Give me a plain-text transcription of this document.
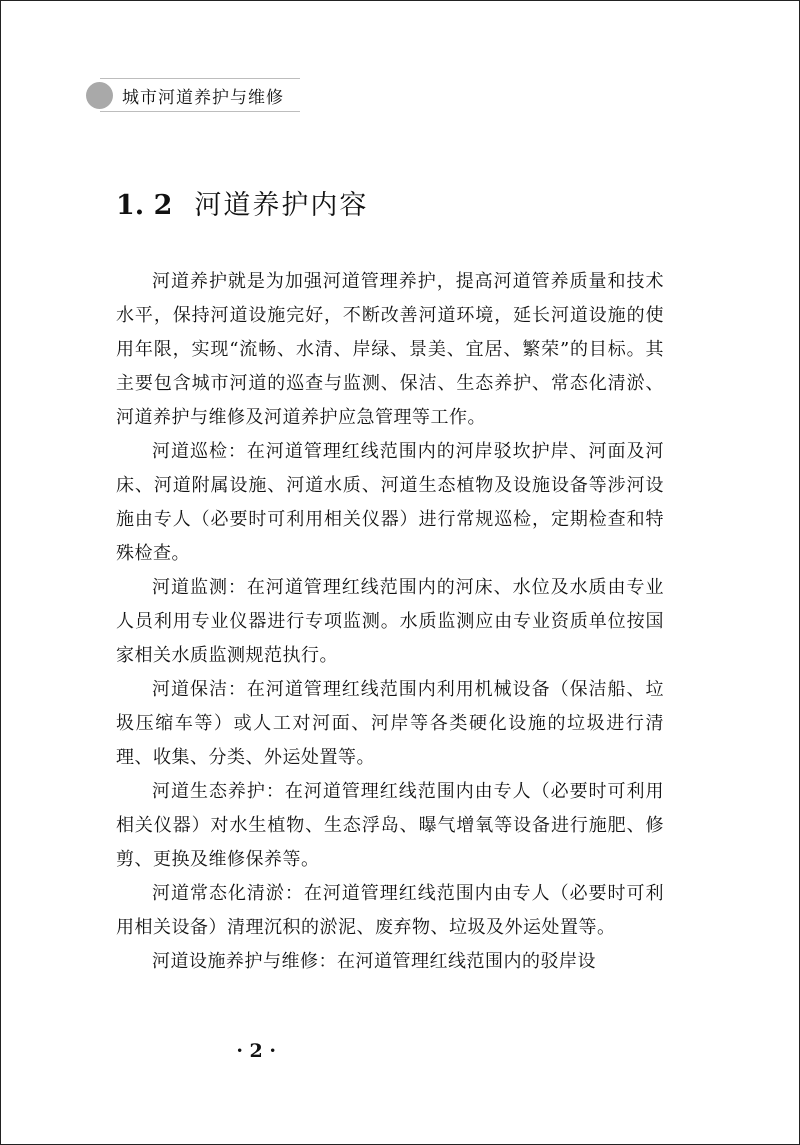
城市河道养护与维修
1. 2 河道养护内容

河道养护就是为加强河道管理养护，提高河道管养质量和技术水平，保持河道设施完好，不断改善河道环境，延长河道设施的使用年限，实现“流畅、水清、岸绿、景美、宜居、繁荣”的目标。其主要包含城市河道的巡查与监测、保洁、生态养护、常态化清淤、河道养护与维修及河道养护应急管理等工作。

河道巡检：在河道管理红线范围内的河岸驳坎护岸、河面及河床、河道附属设施、河道水质、河道生态植物及设施设备等涉河设施由专人（必要时可利用相关仪器）进行常规巡检，定期检查和特殊检查。

河道监测：在河道管理红线范围内的河床、水位及水质由专业人员利用专业仪器进行专项监测。水质监测应由专业资质单位按国家相关水质监测规范执行。

河道保洁：在河道管理红线范围内利用机械设备（保洁船、垃圾压缩车等）或人工对河面、河岸等各类硬化设施的垃圾进行清理、收集、分类、外运处置等。

河道生态养护：在河道管理红线范围内由专人（必要时可利用相关仪器）对水生植物、生态浮岛、曝气增氧等设备进行施肥、修剪、更换及维修保养等。

河道常态化清淤：在河道管理红线范围内由专人（必要时可利用相关设备）清理沉积的淤泥、废弃物、垃圾及外运处置等。

河道设施养护与维修：在河道管理红线范围内的驳岸设

· 2 ·
